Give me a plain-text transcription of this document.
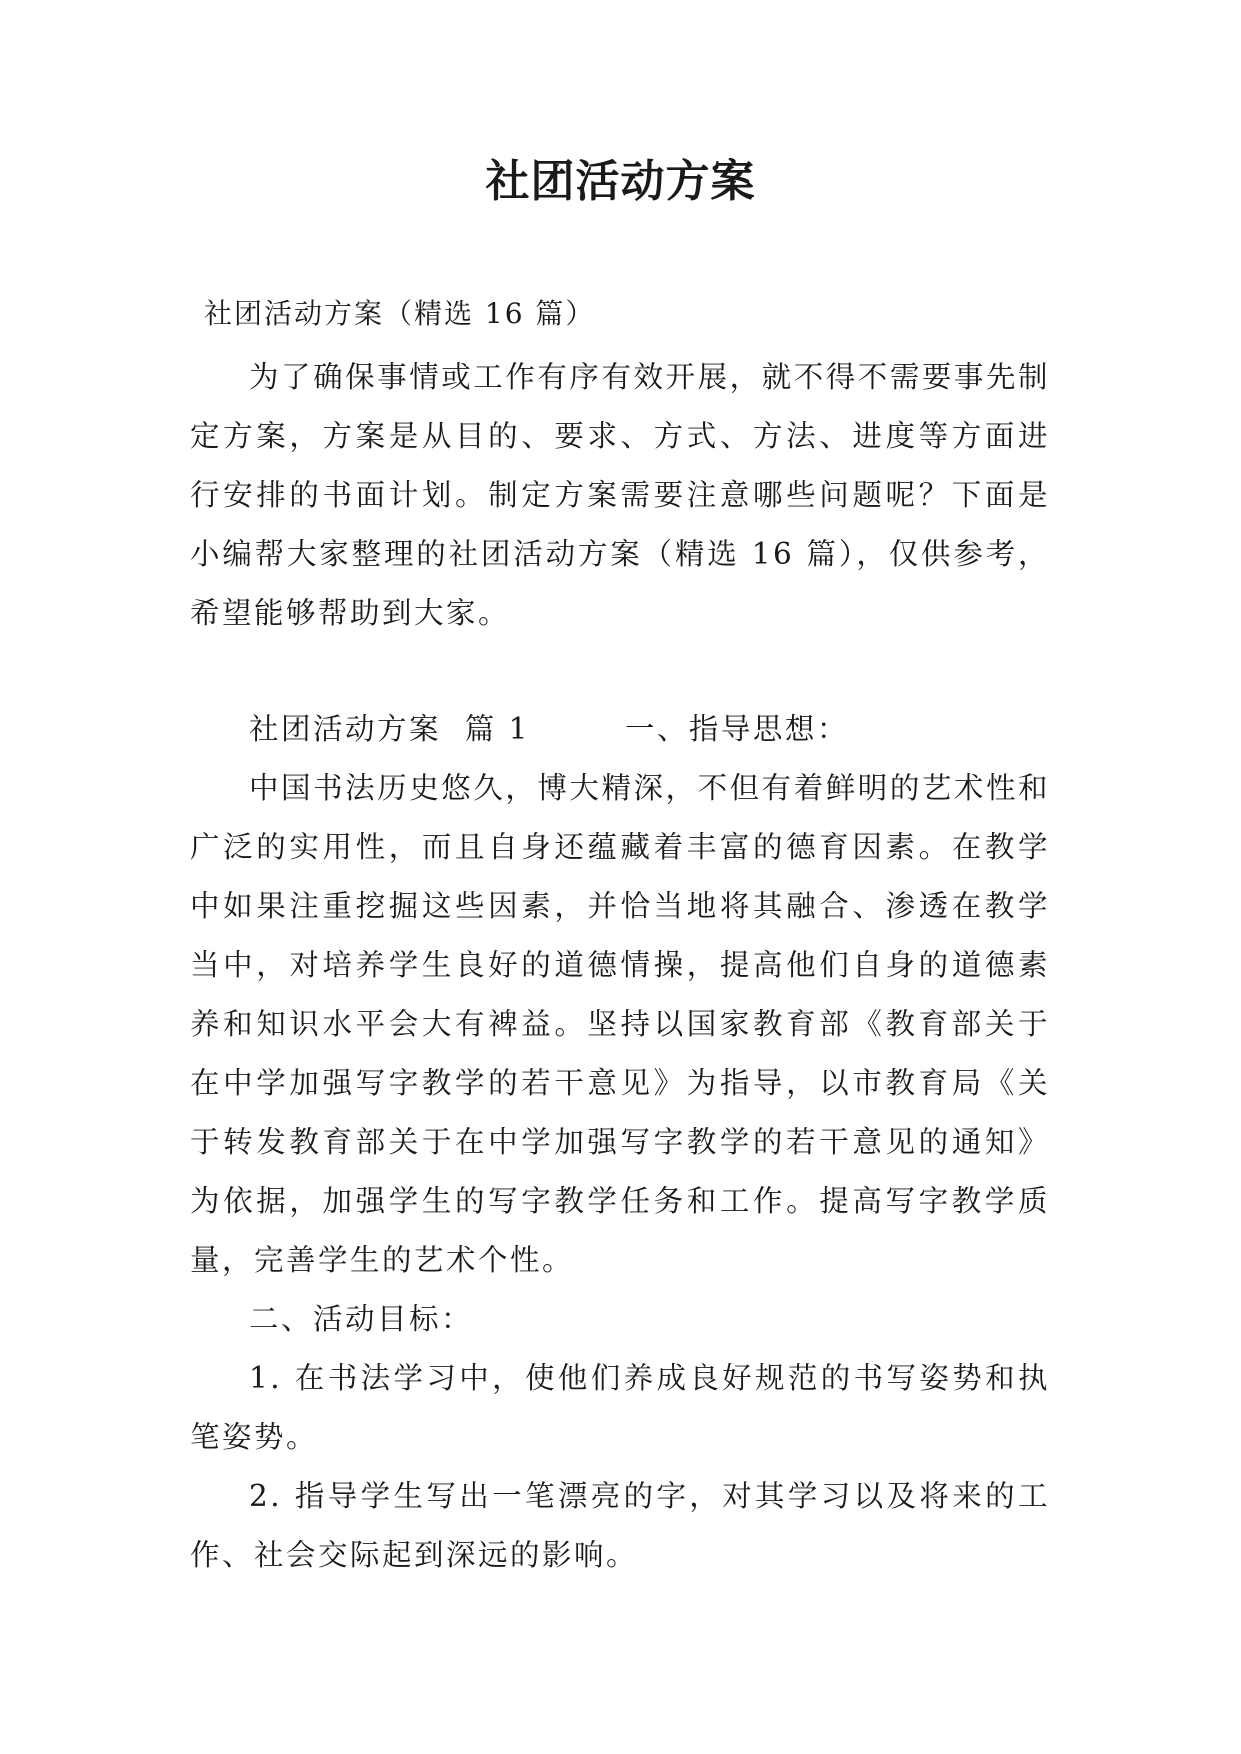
社团活动方案
社团活动方案（精选 16 篇）

为了确保事情或工作有序有效开展，就不得不需要事先制定方案，方案是从目的、要求、方式、方法、进度等方面进行安排的书面计划。制定方案需要注意哪些问题呢？下面是小编帮大家整理的社团活动方案（精选 16 篇），仅供参考，希望能够帮助到大家。

社团活动方案  篇 1        一、指导思想：

中国书法历史悠久，博大精深，不但有着鲜明的艺术性和广泛的实用性，而且自身还蕴藏着丰富的德育因素。在教学中如果注重挖掘这些因素，并恰当地将其融合、渗透在教学当中，对培养学生良好的道德情操，提高他们自身的道德素养和知识水平会大有裨益。坚持以国家教育部《教育部关于在中学加强写字教学的若干意见》为指导，以市教育局《关于转发教育部关于在中学加强写字教学的若干意见的通知》为依据，加强学生的写字教学任务和工作。提高写字教学质量，完善学生的艺术个性。

二、活动目标：

1. 在书法学习中，使他们养成良好规范的书写姿势和执笔姿势。

2. 指导学生写出一笔漂亮的字，对其学习以及将来的工作、社会交际起到深远的影响。
